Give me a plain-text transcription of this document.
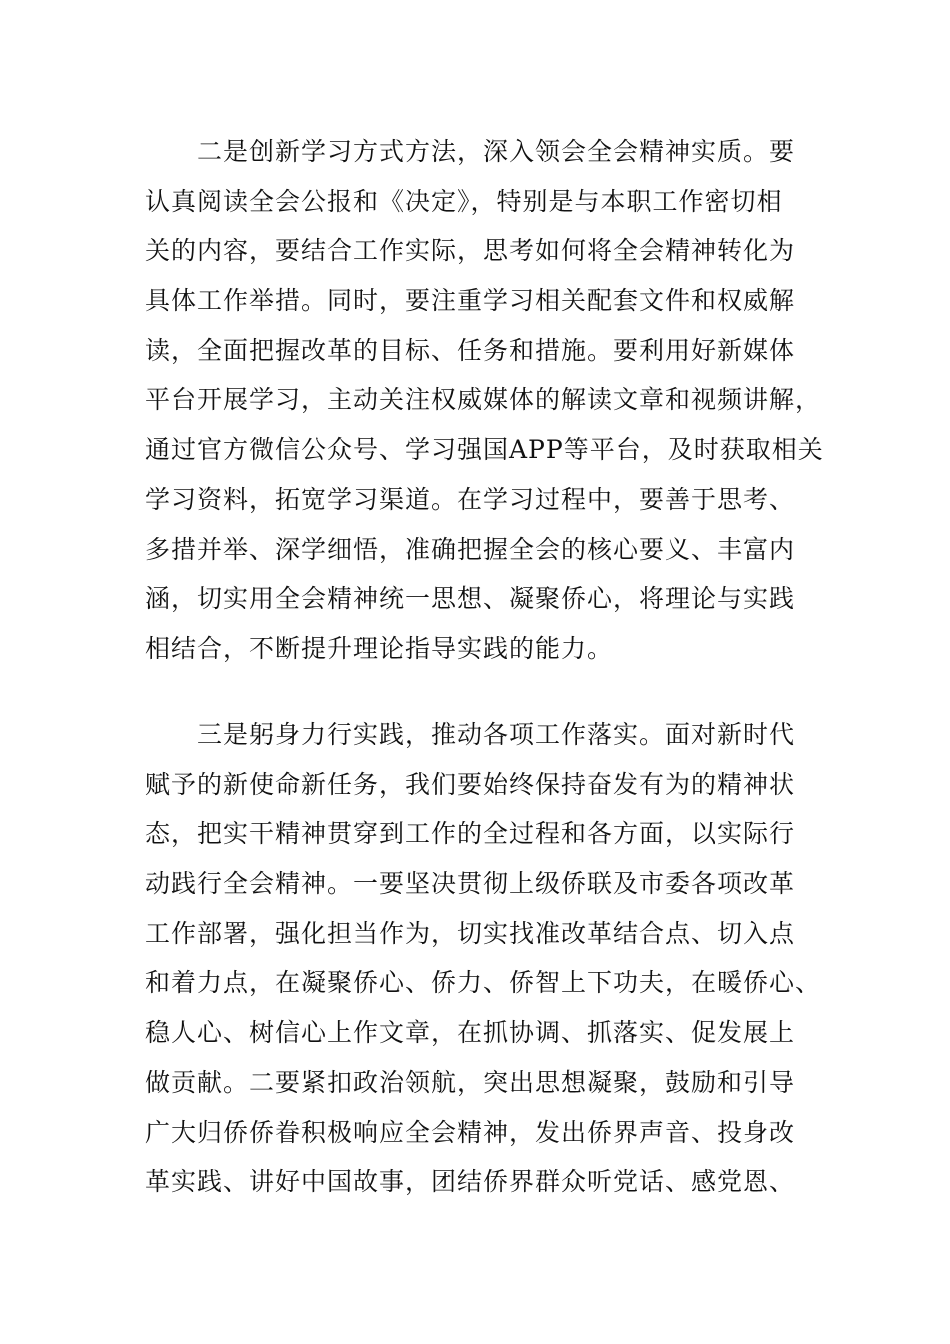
二是创新学习方式方法，深入领会全会精神实质。要
认真阅读全会公报和《决定》，特别是与本职工作密切相
关的内容，要结合工作实际，思考如何将全会精神转化为
具体工作举措。同时，要注重学习相关配套文件和权威解
读，全面把握改革的目标、任务和措施。要利用好新媒体
平台开展学习，主动关注权威媒体的解读文章和视频讲解，
通过官方微信公众号、学习强国APP等平台，及时获取相关
学习资料，拓宽学习渠道。在学习过程中，要善于思考、
多措并举、深学细悟，准确把握全会的核心要义、丰富内
涵，切实用全会精神统一思想、凝聚侨心，将理论与实践
相结合，不断提升理论指导实践的能力。
三是躬身力行实践，推动各项工作落实。面对新时代
赋予的新使命新任务，我们要始终保持奋发有为的精神状
态，把实干精神贯穿到工作的全过程和各方面，以实际行
动践行全会精神。一要坚决贯彻上级侨联及市委各项改革
工作部署，强化担当作为，切实找准改革结合点、切入点
和着力点，在凝聚侨心、侨力、侨智上下功夫，在暖侨心、
稳人心、树信心上作文章，在抓协调、抓落实、促发展上
做贡献。二要紧扣政治领航，突出思想凝聚，鼓励和引导
广大归侨侨眷积极响应全会精神，发出侨界声音、投身改
革实践、讲好中国故事，团结侨界群众听党话、感党恩、
